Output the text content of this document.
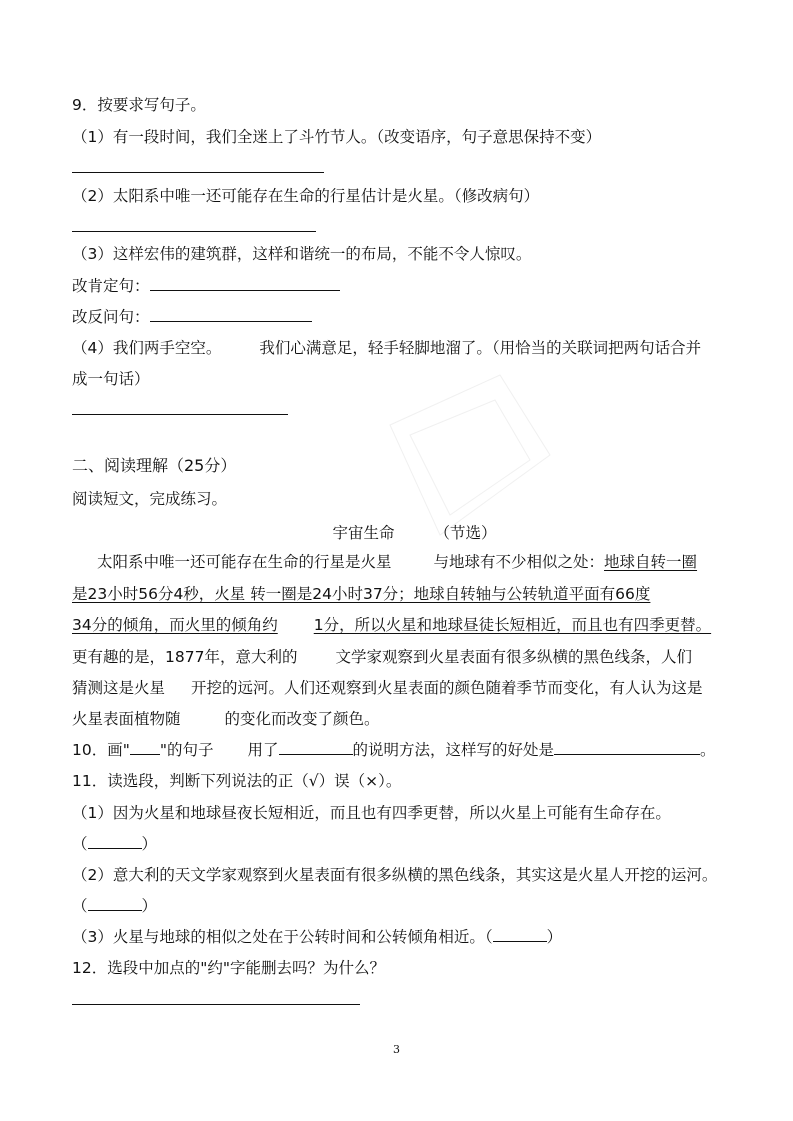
9．按要求写句子。
（1）有一段时间，我们全迷上了斗竹节人。（改变语序，句子意思保持不变）
（2）太阳系中唯一还可能存在生命的行星估计是火星。（修改病句）
（3）这样宏伟的建筑群，这样和谐统一的布局，不能不令人惊叹。
改肯定句：
改反问句：
（4）我们两手空空。 我们心满意足，轻手轻脚地溜了。（用恰当的关联词把两句话合并
成一句话）
二、阅读理解（25分）
阅读短文，完成练习。
宇宙生命	（节选）
太阳系中唯一还可能存在生命的行星是火星	与地球有不少相似之处：地球自转一圈
是23小时56分4秒，火星 转一圈是24小时37分；地球自转轴与公转轨道平面有66度
34分的倾角，而火里的倾角约 1分，所以火星和地球昼徒长短相近，而且也有四季更替。
更有趣的是，1877年，意大利的 文学家观察到火星表面有很多纵横的黑色线条，人们
猜测这是火星 开挖的远河。人们还观察到火星表面的颜色随着季节而变化，有人认为这是
火星表面植物随	的变化而改变了颜色。
10．画" "的句子 用了	的说明方法，这样写的好处是	。
11．读选段，判断下列说法的正（√）误（×）。
（1）因为火星和地球昼夜长短相近，而且也有四季更替，所以火星上可能有生命存在。
（	）
（2）意大利的天文学家观察到火星表面有很多纵横的黑色线条，其实这是火星人开挖的运河。
（	）
（3）火星与地球的相似之处在于公转时间和公转倾角相近。（	）
12．选段中加点的"约"字能删去吗？为什么？
3
